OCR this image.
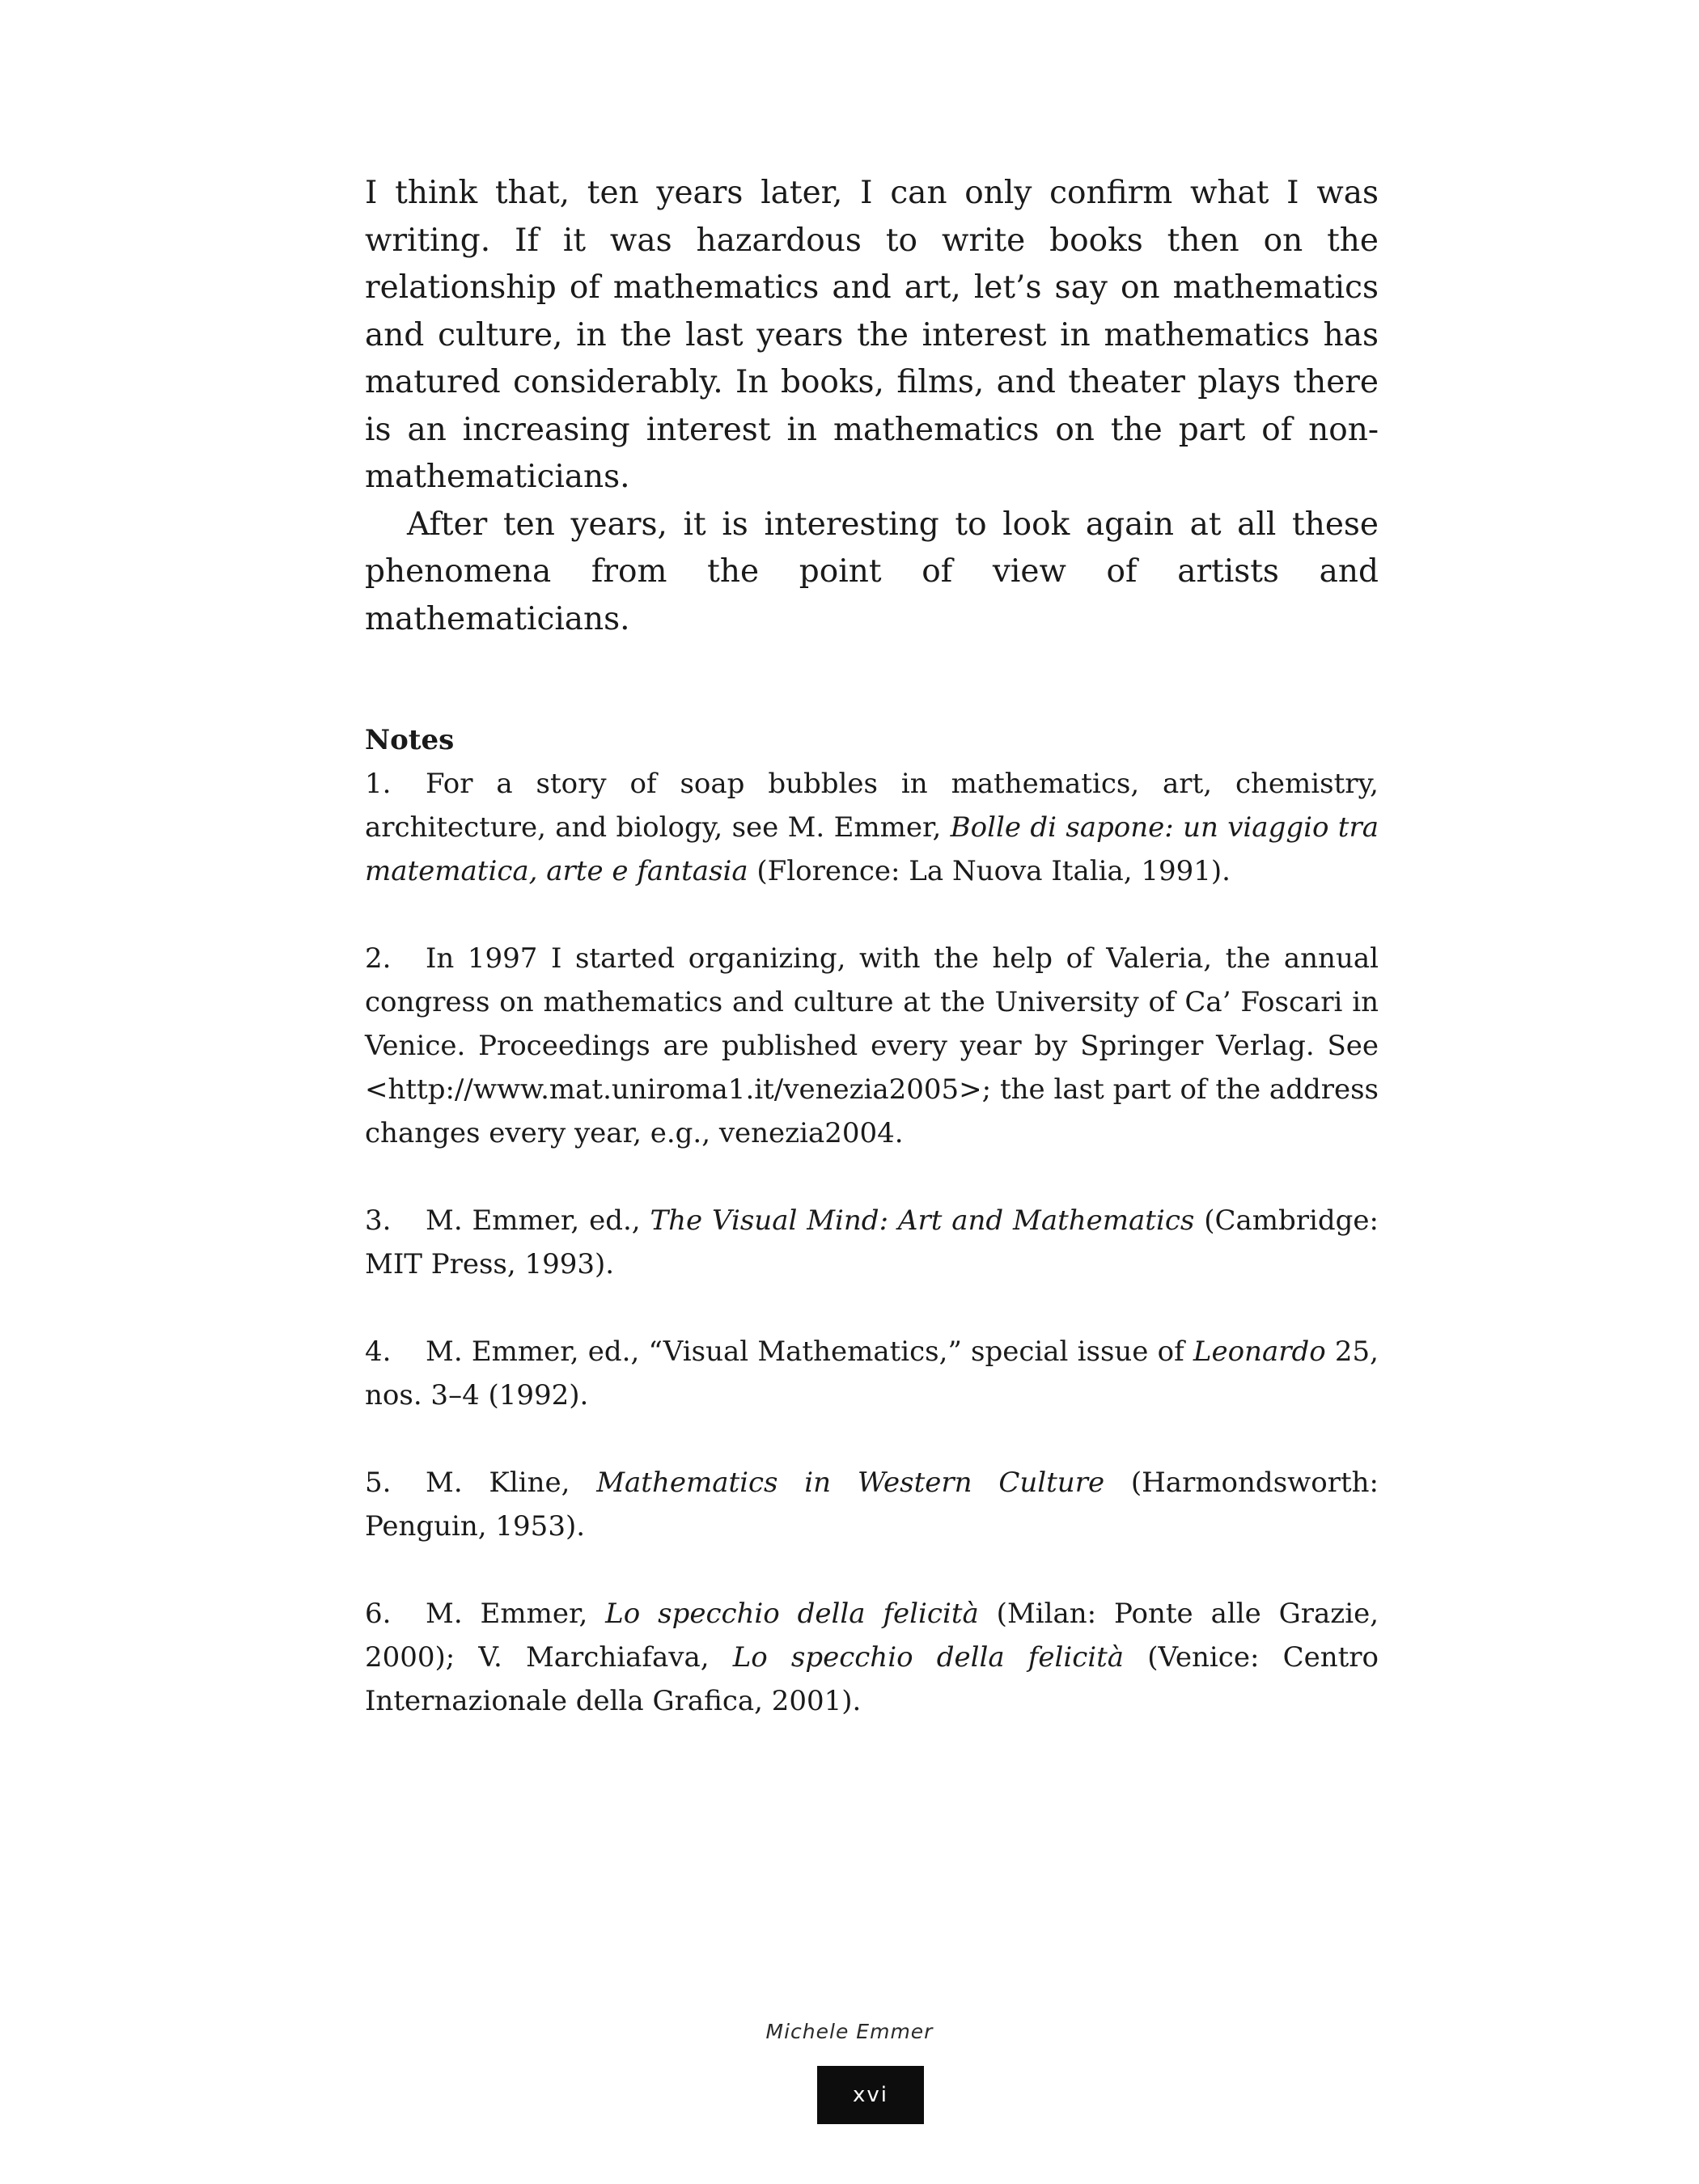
I think that, ten years later, I can only confirm what I was writing. If it was hazardous to write books then on the relationship of mathematics and art, let’s say on mathematics and culture, in the last years the interest in mathematics has matured considerably. In books, films, and theater plays there is an increasing interest in mathematics on the part of non-mathematicians.

After ten years, it is interesting to look again at all these phenomena from the point of view of artists and mathematicians.

Notes

1. For a story of soap bubbles in mathematics, art, chemistry, architecture, and biology, see M. Emmer, Bolle di sapone: un viaggio tra matematica, arte e fantasia (Florence: La Nuova Italia, 1991).

2. In 1997 I started organizing, with the help of Valeria, the annual congress on mathematics and culture at the University of Ca’ Foscari in Venice. Proceedings are published every year by Springer Verlag. See <http://www.mat.uniroma1.it/venezia2005>; the last part of the address changes every year, e.g., venezia2004.

3. M. Emmer, ed., The Visual Mind: Art and Mathematics (Cambridge: MIT Press, 1993).

4. M. Emmer, ed., “Visual Mathematics,” special issue of Leonardo 25, nos. 3–4 (1992).

5. M. Kline, Mathematics in Western Culture (Harmondsworth: Penguin, 1953).

6. M. Emmer, Lo specchio della felicità (Milan: Ponte alle Grazie, 2000); V. Marchiafava, Lo specchio della felicità (Venice: Centro Internazionale della Grafica, 2001).

Michele Emmer
xvi
